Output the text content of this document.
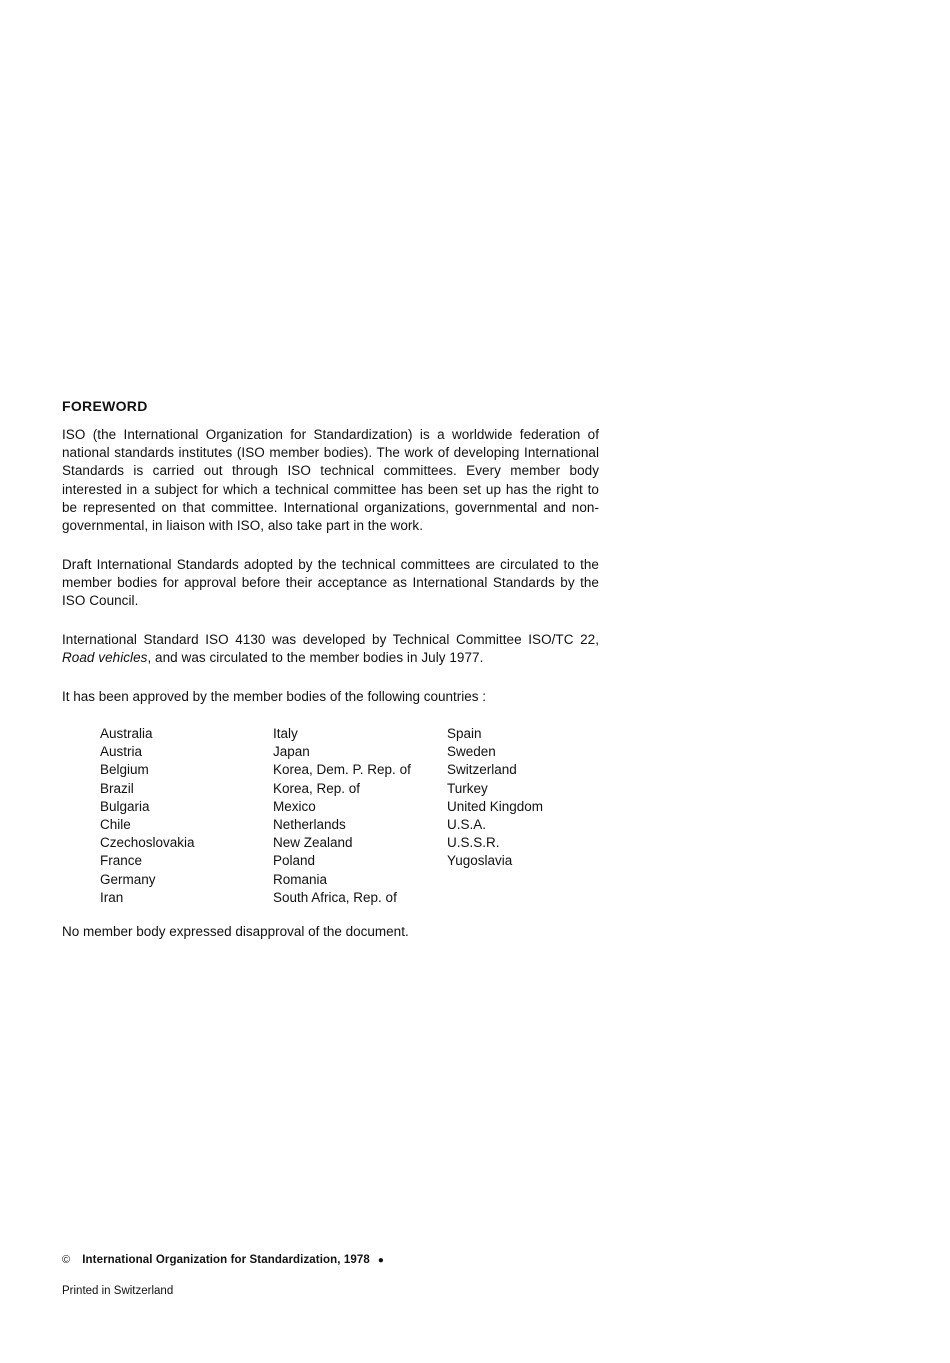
FOREWORD
ISO (the International Organization for Standardization) is a worldwide federation of national standards institutes (ISO member bodies). The work of developing International Standards is carried out through ISO technical committees. Every member body interested in a subject for which a technical committee has been set up has the right to be represented on that committee. International organizations, governmental and non-governmental, in liaison with ISO, also take part in the work.
Draft International Standards adopted by the technical committees are circulated to the member bodies for approval before their acceptance as International Standards by the ISO Council.
International Standard ISO 4130 was developed by Technical Committee ISO/TC 22, Road vehicles, and was circulated to the member bodies in July 1977.
It has been approved by the member bodies of the following countries :
Australia
Austria
Belgium
Brazil
Bulgaria
Chile
Czechoslovakia
France
Germany
Iran
Italy
Japan
Korea, Dem. P. Rep. of
Korea, Rep. of
Mexico
Netherlands
New Zealand
Poland
Romania
South Africa, Rep. of
Spain
Sweden
Switzerland
Turkey
United Kingdom
U.S.A.
U.S.S.R.
Yugoslavia
No member body expressed disapproval of the document.
© International Organization for Standardization, 1978 ●
Printed in Switzerland
